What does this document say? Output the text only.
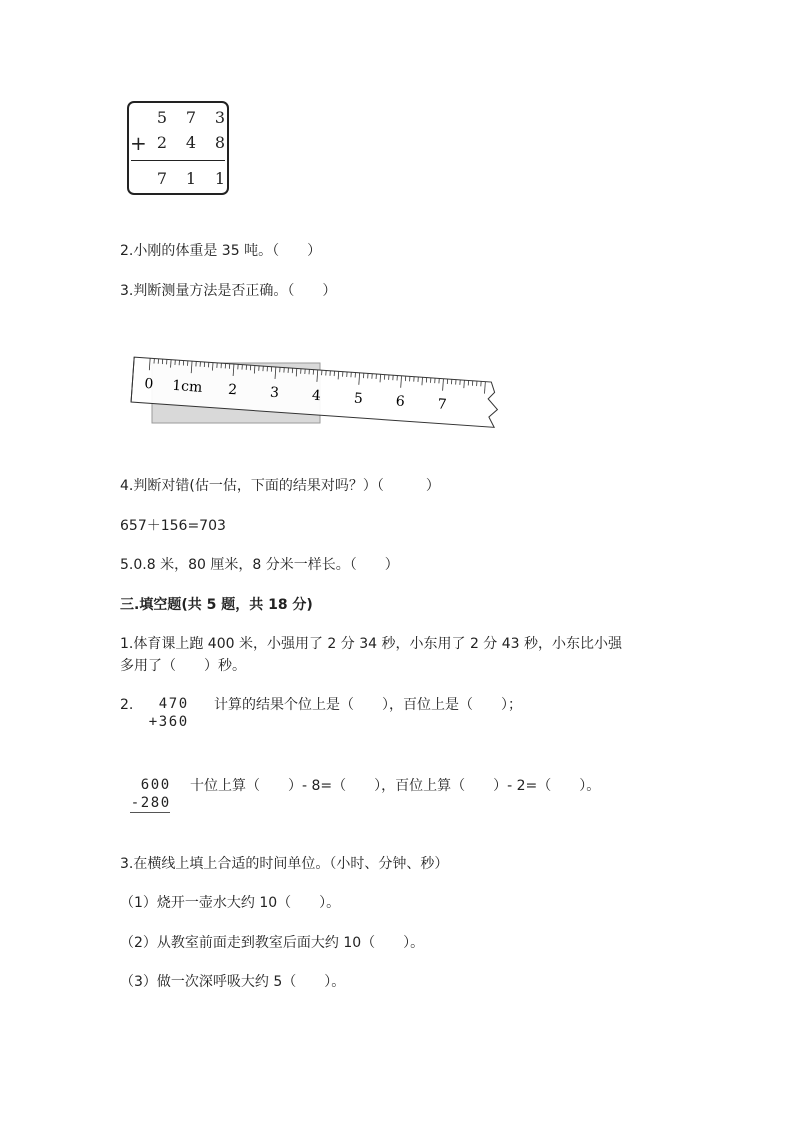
5 7 3
+ 2 4 8
7 1 1
2.小刚的体重是 35 吨。（　　）
3.判断测量方法是否正确。（　　）
0 1cm 2 3 4 5 6 7
4.判断对错(估一估，下面的结果对吗？）（　　　）
657＋156=703
5.0.8 米，80 厘米，8 分米一样长。（　　）
三.填空题(共 5 题，共 18 分)
1.体育课上跑 400 米，小强用了 2 分 34 秒，小东用了 2 分 43 秒，小东比小强
多用了（　　）秒。
2.	4 7 0
+ 3 6 0
计算的结果个位上是（　　），百位上是（　　）；
6 0 0
- 2 8 0
十位上算（　　）- 8=（　　），百位上算（　　）- 2=（　　）。
3.在横线上填上合适的时间单位。（小时、分钟、秒）
（1）烧开一壶水大约 10（　　）。
（2）从教室前面走到教室后面大约 10（　　）。
（3）做一次深呼吸大约 5（　　）。
